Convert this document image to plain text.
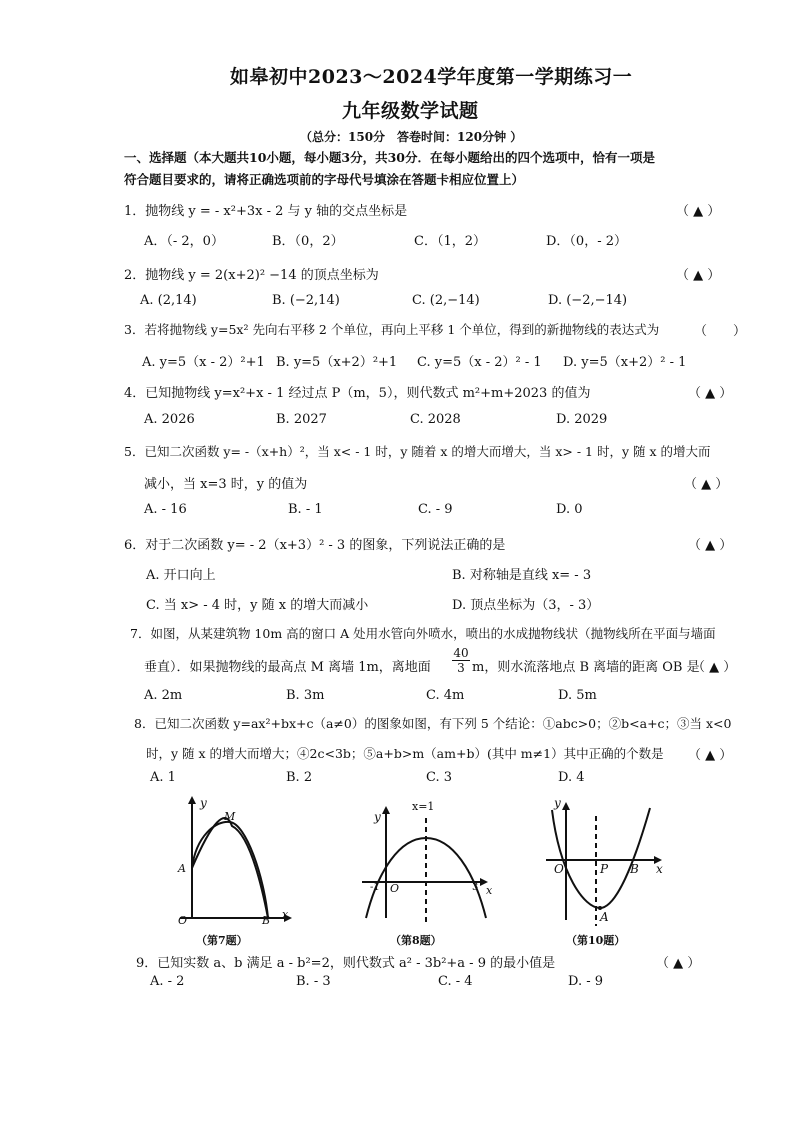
如皋初中2023～2024学年度第一学期练习一
九年级数学试题
（总分：150分　答卷时间：120分钟 ）
一、选择题（本大题共10小题，每小题3分，共30分．在每小题给出的四个选项中，恰有一项是
符合题目要求的，请将正确选项前的字母代号填涂在答题卡相应位置上）
1．抛物线 y = - x²+3x - 2 与 y 轴的交点坐标是	（ ▲ ）
A．（- 2，0）	B．（0，2）	C．（1，2）	D．（0，- 2）
2．抛物线 y = 2(x+2)² −14 的顶点坐标为	（ ▲ ）
A. (2,14)	B. (−2,14)	C. (2,−14)	D. (−2,−14)
3．若将抛物线 y=5x² 先向右平移 2 个单位，再向上平移 1 个单位，得到的新抛物线的表达式为	（　　）
A. y=5（x - 2）²+1 B. y=5（x+2）²+1 C. y=5（x - 2）² - 1 D. y=5（x+2）² - 1
4．已知抛物线 y=x²+x - 1 经过点 P（m，5），则代数式 m²+m+2023 的值为	（ ▲ ）
A. 2026	B. 2027	C. 2028	D. 2029
5．已知二次函数 y= -（x+h）²，当 x< - 1 时，y 随着 x 的增大而增大，当 x> - 1 时，y 随 x 的增大而
减小，当 x=3 时，y 的值为	（ ▲ ）
A. - 16	B. - 1	C. - 9	D. 0
6．对于二次函数 y= - 2（x+3）² - 3 的图象，下列说法正确的是	（ ▲ ）
A. 开口向上	B. 对称轴是直线 x= - 3
C. 当 x> - 4 时，y 随 x 的增大而减小	D. 顶点坐标为（3，- 3）
7．如图，从某建筑物 10m 高的窗口 A 处用水管向外喷水，喷出的水成抛物线状（抛物线所在平面与墙面
垂直）．如果抛物线的最高点 M 离墙 1m，离地面 $\frac{40}{3}$ m，则水流落地点 B 离墙的距离 OB 是
（ ▲ ）
A. 2m	B. 3m	C. 4m	D. 5m
8．已知二次函数 y=ax²+bx+c（a≠0）的图象如图，有下列 5 个结论：①abc>0；②b<a+c；③当 x<0
时，y 随 x 的增大而增大；④2c<3b；⑤a+b>m（am+b）(其中 m≠1）其中正确的个数是 （ ▲ ）
A. 1	B. 2	C. 3	D. 4
y
x
O
A
B
M
（第7题）
y
x=1
x
O
-1	3
（第8题）
y
x
O	P B
A
（第10题）
9．已知实数 a、b 满足 a - b²=2，则代数式 a² - 3b²+a - 9 的最小值是	（ ▲ ）
A. - 2	B. - 3	C. - 4	D. - 9
